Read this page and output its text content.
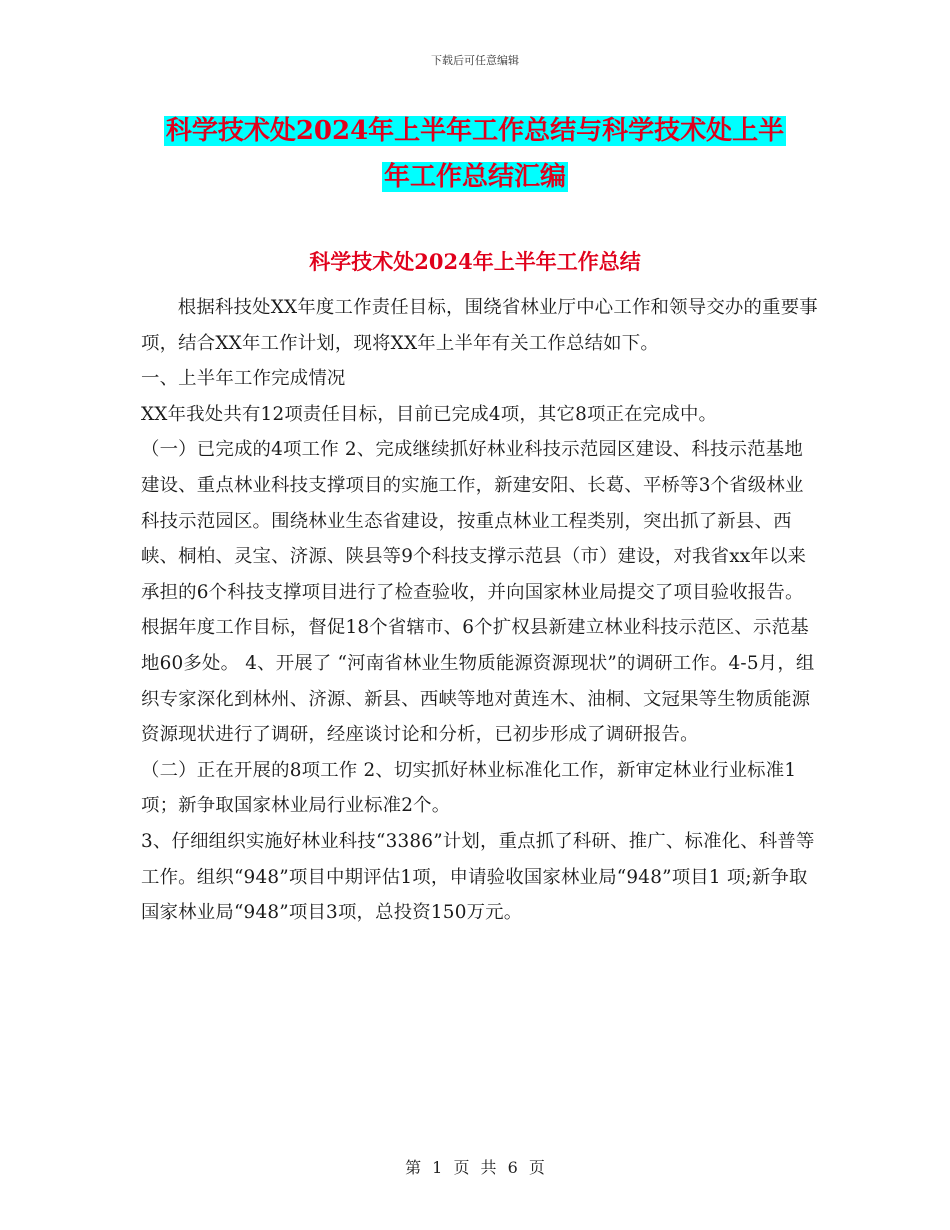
下载后可任意编辑
科学技术处2024年上半年工作总结与科学技术处上半
年工作总结汇编
科学技术处2024年上半年工作总结

根据科技处XX年度工作责任目标，围绕省林业厅中心工作和领导交办的重要事项，结合XX年工作计划，现将XX年上半年有关工作总结如下。

一、上半年工作完成情况

XX年我处共有12项责任目标，目前已完成4项，其它8项正在完成中。

（一）已完成的4项工作 2、完成继续抓好林业科技示范园区建设、科技示范基地建设、重点林业科技支撑项目的实施工作，新建安阳、长葛、平桥等3个省级林业科技示范园区。围绕林业生态省建设，按重点林业工程类别，突出抓了新县、西峡、桐柏、灵宝、济源、陕县等9个科技支撑示范县（市）建设，对我省xx年以来承担的6个科技支撑项目进行了检查验收，并向国家林业局提交了项目验收报告。根据年度工作目标，督促18个省辖市、6个扩权县新建立林业科技示范区、示范基地60多处。 4、开展了 “河南省林业生物质能源资源现状”的调研工作。4-5月，组织专家深化到林州、济源、新县、西峡等地对黄连木、油桐、文冠果等生物质能源资源现状进行了调研，经座谈讨论和分析，已初步形成了调研报告。

（二）正在开展的8项工作 2、切实抓好林业标准化工作，新审定林业行业标准1 项；新争取国家林业局行业标准2个。

3、仔细组织实施好林业科技“3386”计划，重点抓了科研、推广、标准化、科普等工作。组织“948”项目中期评估1项，申请验收国家林业局“948”项目1 项;新争取国家林业局“948”项目3项，总投资150万元。

第 1 页 共 6 页
